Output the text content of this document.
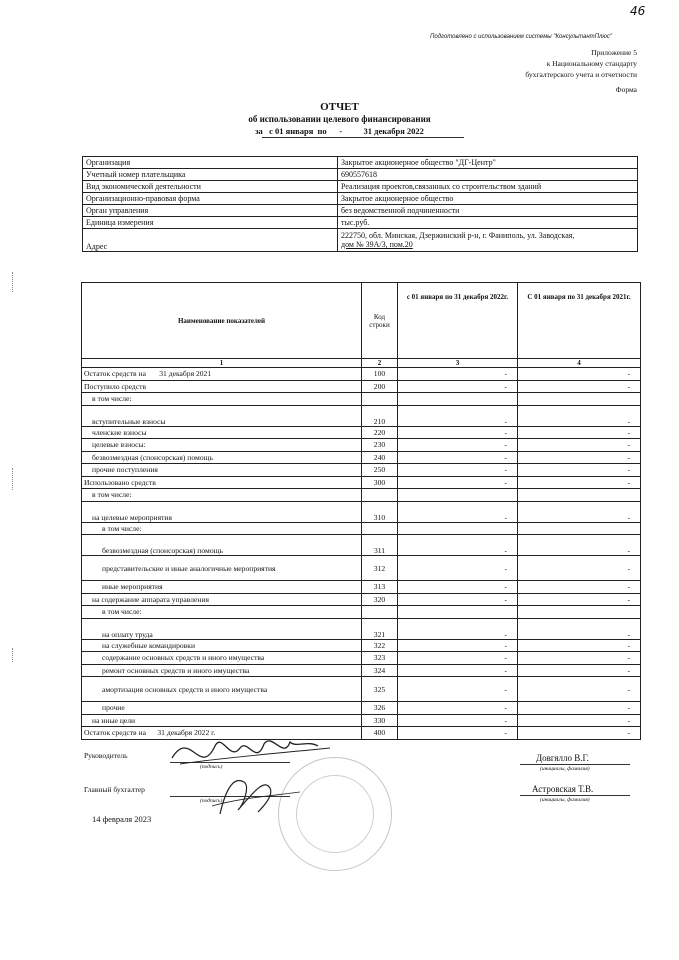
46
Подготовлено с использованием системы "КонсультантПлюс"
Приложение 5
к Национальному стандарту
бухгалтерского учета и отчетности
Форма
ОТЧЕТ
об использовании целевого финансирования
за   с 01 января  по      -          31 декабря 2022
Организация	Закрытое акционерное общество "ДГ-Центр"
Учетный номер плательщика	690557618
Вид экономической деятельности	Реализация проектов,связанных со строительством зданий
Организационно-правовая форма	Закрытое акционерное общество
Орган управления	без ведомственной подчиненности
Единица измерения	тыс.руб.
Адрес	222750, обл. Минская, Дзержинский р-н, г. Фаниполь, ул. Заводская,
дом № 39А/3, пом.20
Наименование показателей	Код строки	с 01 января по 31 декабря 2022г.	С 01 января по 31 декабря 2021г.
1	2	3	4
Остаток средств на       31 декабря 2021	100	-	-
Поступило средств	200	-	-
в том числе:			
вступительные взносы	210	-	-
членские взносы	220	-	-
целевые взносы:	230	-	-
безвозмездная (спонсорская) помощь	240	-	-
прочие поступления	250	-	-
Использовано средств	300	-	-
в том числе:			
на целевые мероприятия	310	-	-
в том числе:			
безвозмездная (спонсорская) помощь	311	-	-
представительские и иные аналогичные мероприятия	312	-	-
иные мероприятия	313	-	-
на содержание аппарата управления	320	-	-
в том числе:			
на оплату труда	321	-	-
на служебные командировки	322	-	-
содержание основных средств и иного имущества	323	-	-
ремонт основных средств и иного имущества	324	-	-
амортизация основных средств и иного имущества	325	-	-
прочие	326	-	-
на иные цели	330	-	-
Остаток средств на      31 декабря 2022 г.	400	-	-
Руководитель
(подпись)
Довгялло В.Г.
(инициалы, фамилия)
Главный бухгалтер
(подпись)
Астровская Т.В.
(инициалы, фамилия)
14 февраля 2023
